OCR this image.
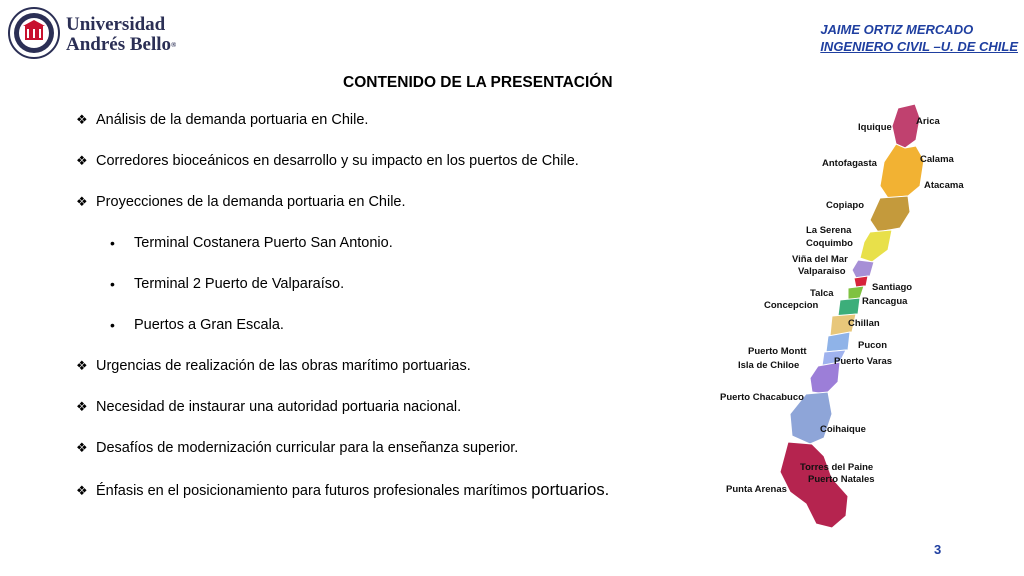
Universidad
Andrés Bello®
JAIME ORTIZ MERCADO
INGENIERO CIVIL –U. DE CHILE
CONTENIDO DE LA PRESENTACIÓN
❖ Análisis de la demanda portuaria en Chile.
❖ Corredores bioceánicos en desarrollo y su impacto en los puertos de Chile.
❖ Proyecciones de la demanda portuaria en Chile.
•	Terminal Costanera Puerto San Antonio.
•	Terminal 2 Puerto de Valparaíso.
•	Puertos a Gran Escala.
❖ Urgencias de realización de las obras marítimo portuarias.
❖ Necesidad de instaurar una autoridad portuaria nacional.
❖ Desafíos de modernización curricular para la enseñanza superior.
❖ Énfasis en el posicionamiento para futuros profesionales marítimos
portuarios.
Arica
Iquique
Calama
Antofagasta
Atacama
Copiapo
La Serena
Coquimbo
Viña del Mar
Valparaiso
Santiago
Talca
Rancagua
Concepcion
Chillan
Pucon
Puerto Montt
Puerto Varas
Isla de Chiloe
Puerto Chacabuco
Coihaique
Torres del Paine
Puerto Natales
Punta Arenas
3
